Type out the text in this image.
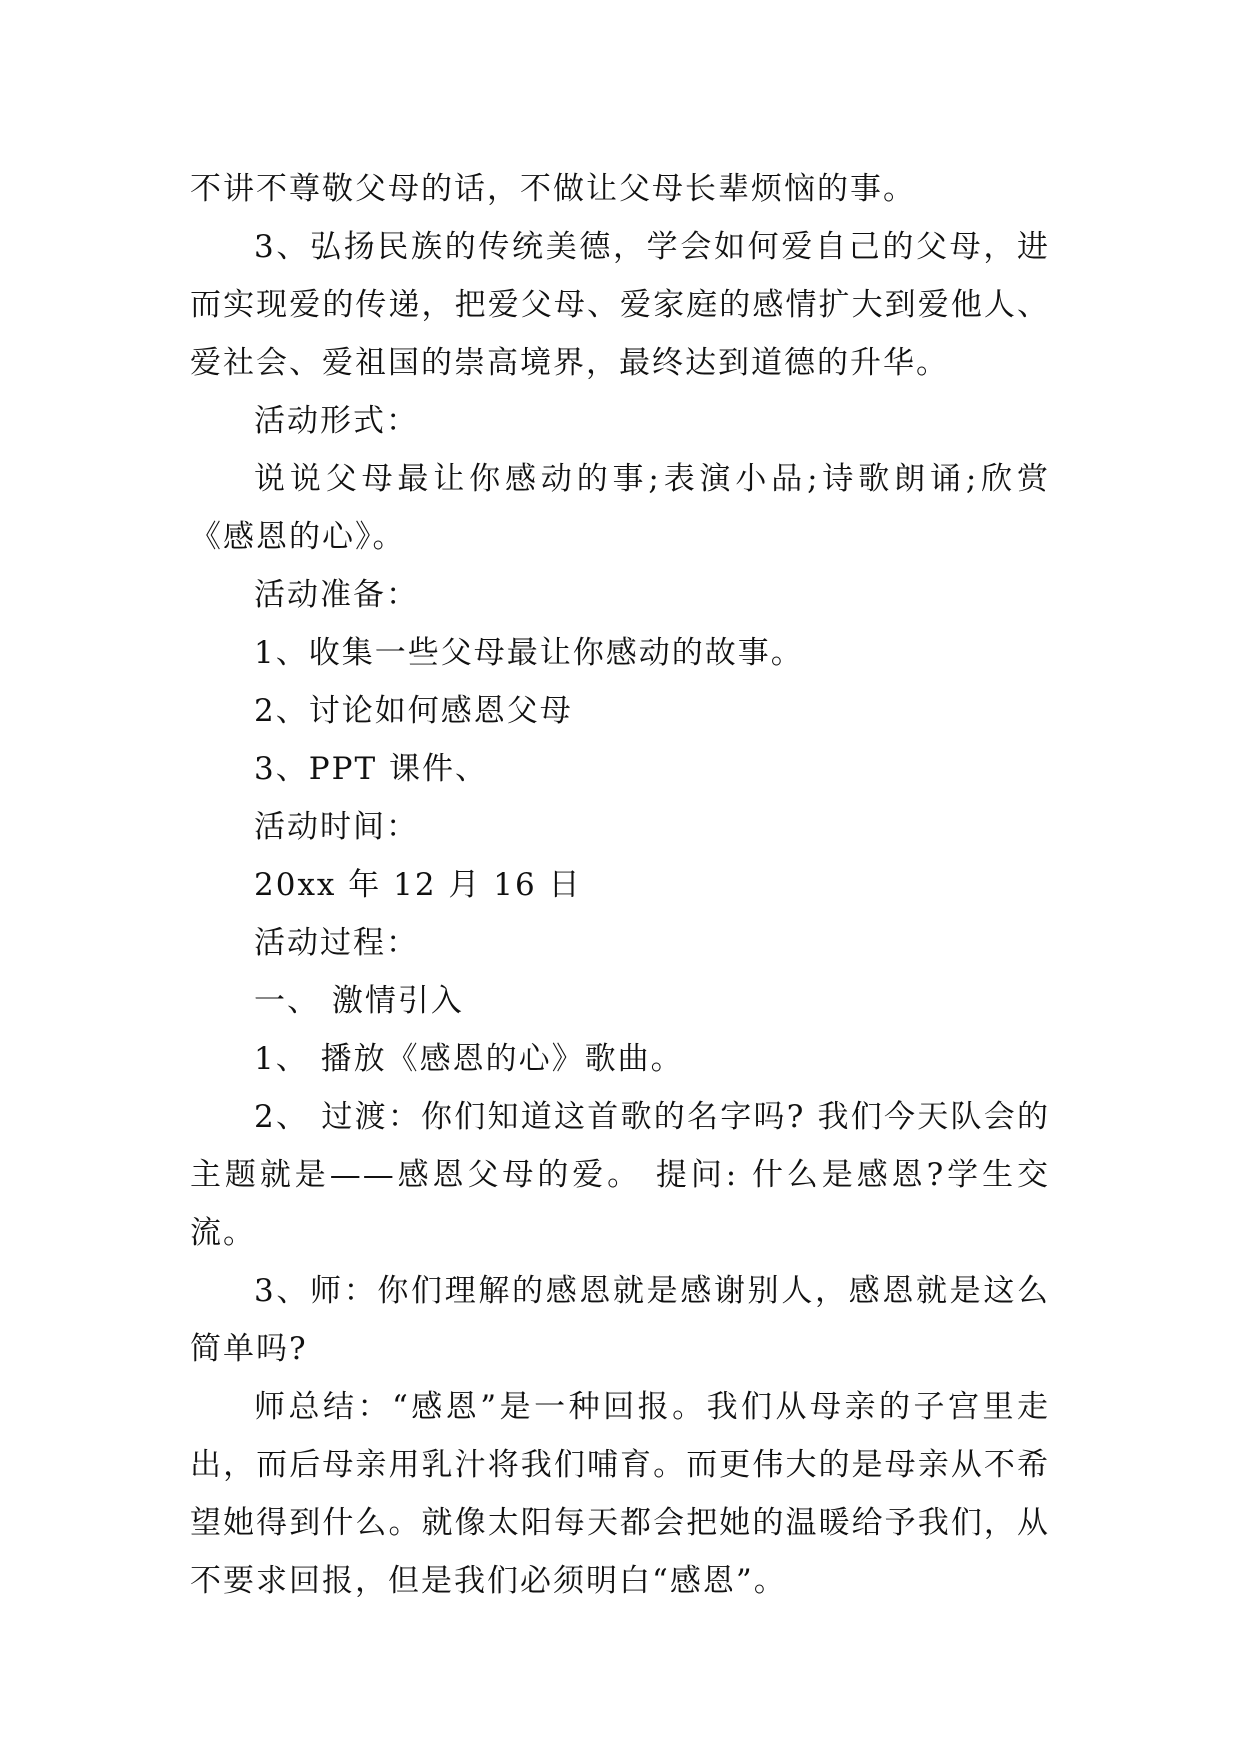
不讲不尊敬父母的话，不做让父母长辈烦恼的事。

3、弘扬民族的传统美德，学会如何爱自己的父母，进而实现爱的传递，把爱父母、爱家庭的感情扩大到爱他人、爱社会、爱祖国的崇高境界，最终达到道德的升华。

活动形式：

说说父母最让你感动的事;表演小品;诗歌朗诵;欣赏《感恩的心》。

活动准备：

1、收集一些父母最让你感动的故事。

2、讨论如何感恩父母

3、PPT 课件、

活动时间：

20xx 年 12 月 16 日

活动过程：

一、 激情引入

1、 播放《感恩的心》歌曲。

2、 过渡：你们知道这首歌的名字吗? 我们今天队会的主题就是——感恩父母的爱。 提问: 什么是感恩?学生交流。

3、师：你们理解的感恩就是感谢别人，感恩就是这么简单吗?

师总结：“感恩”是一种回报。我们从母亲的子宫里走出，而后母亲用乳汁将我们哺育。而更伟大的是母亲从不希望她得到什么。就像太阳每天都会把她的温暖给予我们，从不要求回报，但是我们必须明白“感恩”。
